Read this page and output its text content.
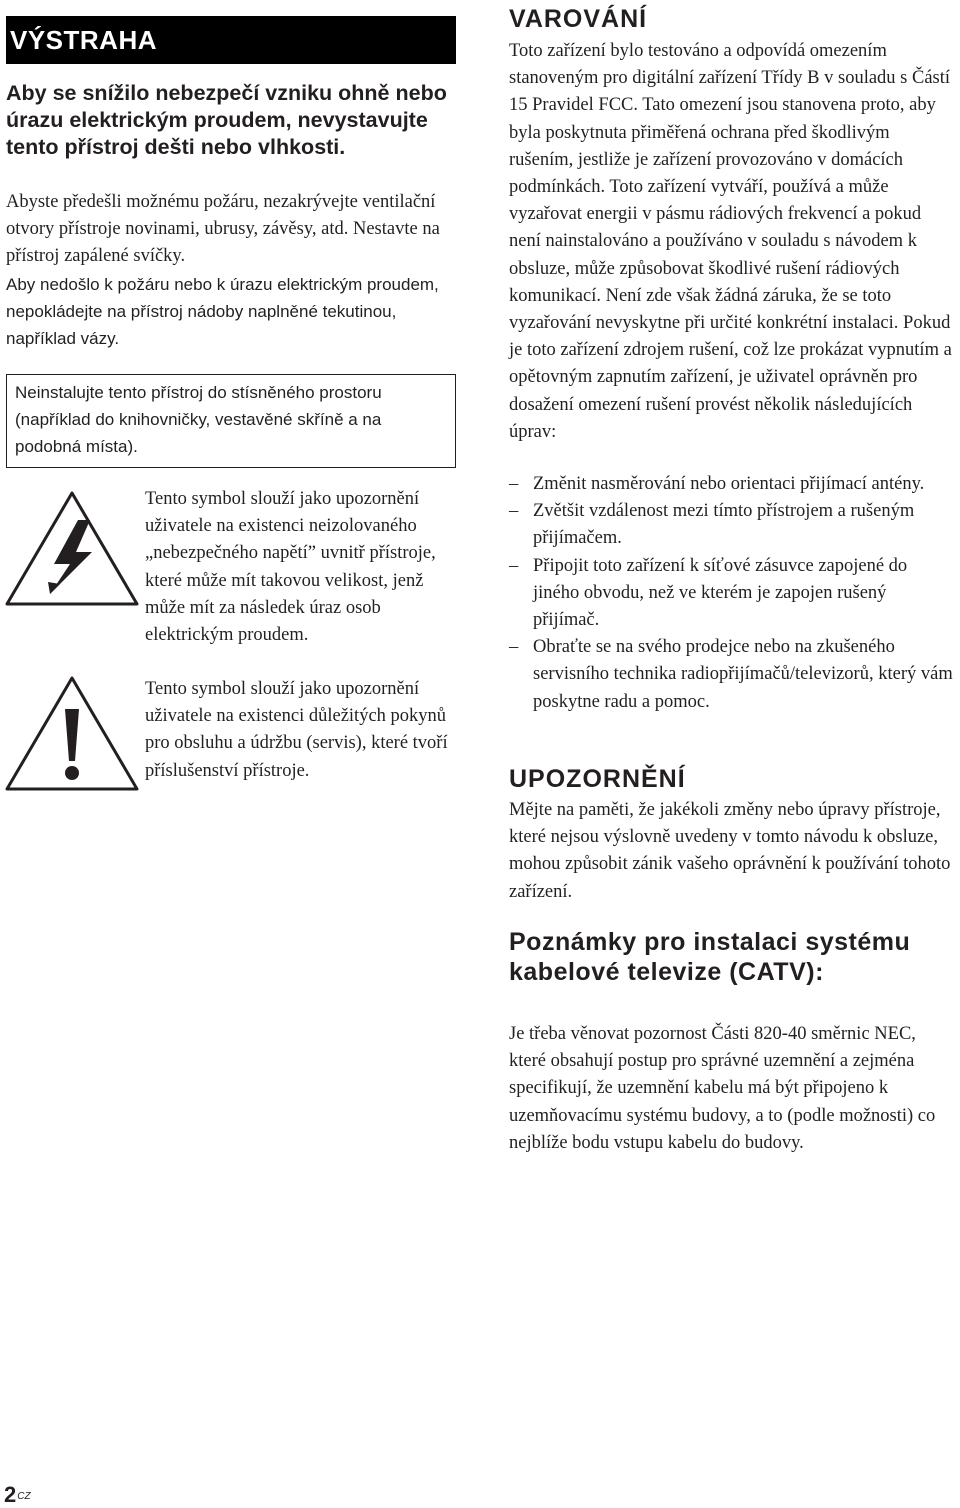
VÝSTRAHA

Aby se snížilo nebezpečí vzniku ohně nebo úrazu elektrickým proudem, nevystavujte tento přístroj dešti nebo vlhkosti.

Abyste předešli možnému požáru, nezakrývejte ventilační otvory přístroje novinami, ubrusy, závěsy, atd. Nestavte na přístroj zapálené svíčky.

Aby nedošlo k požáru nebo k úrazu elektrickým proudem, nepokládejte na přístroj nádoby naplněné tekutinou, například vázy.

Neinstalujte tento přístroj do stísněného prostoru (například do knihovničky, vestavěné skříně a na podobná místa).

Tento symbol slouží jako upozornění uživatele na existenci neizolovaného „nebezpečného napětí” uvnitř přístroje, které může mít takovou velikost, jenž může mít za následek úraz osob elektrickým proudem.

Tento symbol slouží jako upozornění uživatele na existenci důležitých pokynů pro obsluhu a údržbu (servis), které tvoří příslušenství přístroje.

VAROVÁNÍ

Toto zařízení bylo testováno a odpovídá omezením stanoveným pro digitální zařízení Třídy B v souladu s Částí 15 Pravidel FCC. Tato omezení jsou stanovena proto, aby byla poskytnuta přiměřená ochrana před škodlivým rušením, jestliže je zařízení provozováno v domácích podmínkách. Toto zařízení vytváří, používá a může vyzařovat energii v pásmu rádiových frekvencí a pokud není nainstalováno a používáno v souladu s návodem k obsluze, může způsobovat škodlivé rušení rádiových komunikací. Není zde však žádná záruka, že se toto vyzařování nevyskytne při určité konkrétní instalaci. Pokud je toto zařízení zdrojem rušení, což lze prokázat vypnutím a opětovným zapnutím zařízení, je uživatel oprávněn pro dosažení omezení rušení provést několik následujících úprav:

– Změnit nasměrování nebo orientaci přijímací antény.
– Zvětšit vzdálenost mezi tímto přístrojem a rušeným přijímačem.
– Připojit toto zařízení k síťové zásuvce zapojené do jiného obvodu, než ve kterém je zapojen rušený přijímač.
– Obraťte se na svého prodejce nebo na zkušeného servisního technika radiopřijímačů/televizorů, který vám poskytne radu a pomoc.
UPOZORNĚNÍ

Mějte na paměti, že jakékoli změny nebo úpravy přístroje, které nejsou výslovně uvedeny v tomto návodu k obsluze, mohou způsobit zánik vašeho oprávnění k používání tohoto zařízení.

Poznámky pro instalaci systému kabelové televize (CATV):

Je třeba věnovat pozornost Části 820-40 směrnic NEC, které obsahují postup pro správné uzemnění a zejména specifikují, že uzemnění kabelu má být připojeno k uzemňovacímu systému budovy, a to (podle možnosti) co nejblíže bodu vstupu kabelu do budovy.

$2^{CZ}$
